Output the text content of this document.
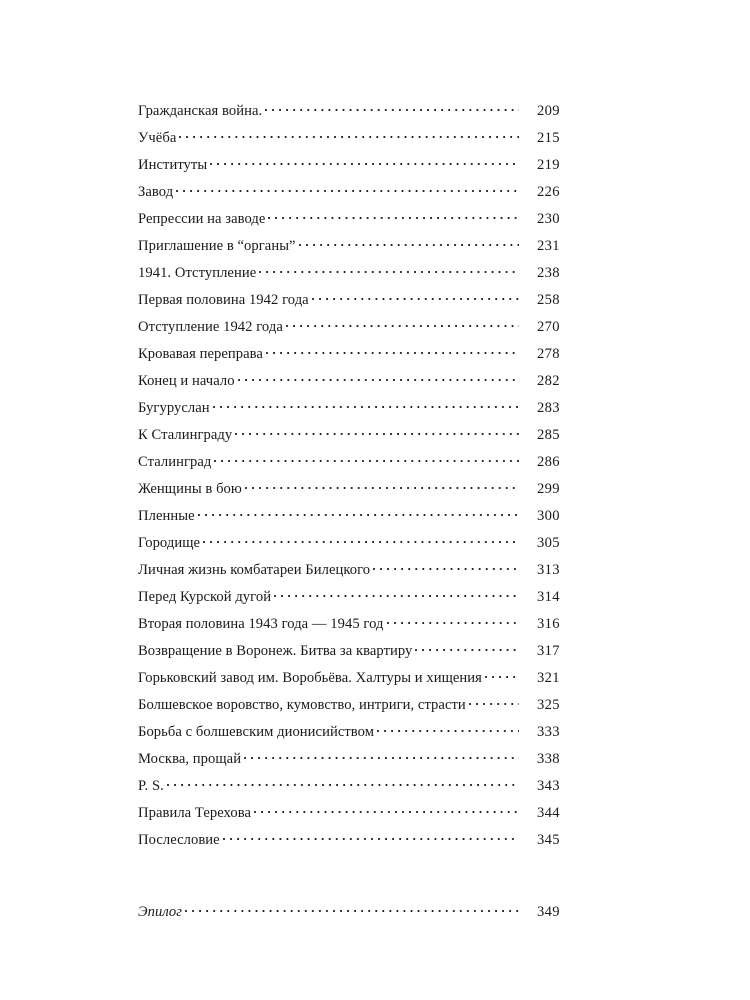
Гражданская война.	209
Учёба	215
Институты	219
Завод	226
Репрессии на заводе	230
Приглашение в “органы”	231
1941. Отступление	238
Первая половина 1942 года	258
Отступление 1942 года	270
Кровавая переправа	278
Конец и начало	282
Бугуруслан	283
К Сталинграду	285
Сталинград	286
Женщины в бою	299
Пленные	300
Городище	305
Личная жизнь комбатареи Билецкого	313
Перед Курской дугой	314
Вторая половина 1943 года — 1945 год	316
Возвращение в Воронеж. Битва за квартиру	317
Горьковский завод им. Воробьёва. Халтуры и хищения	321
Болшевское воровство, кумовство, интриги, страсти	325
Борьба с болшевским дионисийством	333
Москва, прощай	338
P. S.	343
Правила Терехова	344
Послесловие	345
Эпилог	349
